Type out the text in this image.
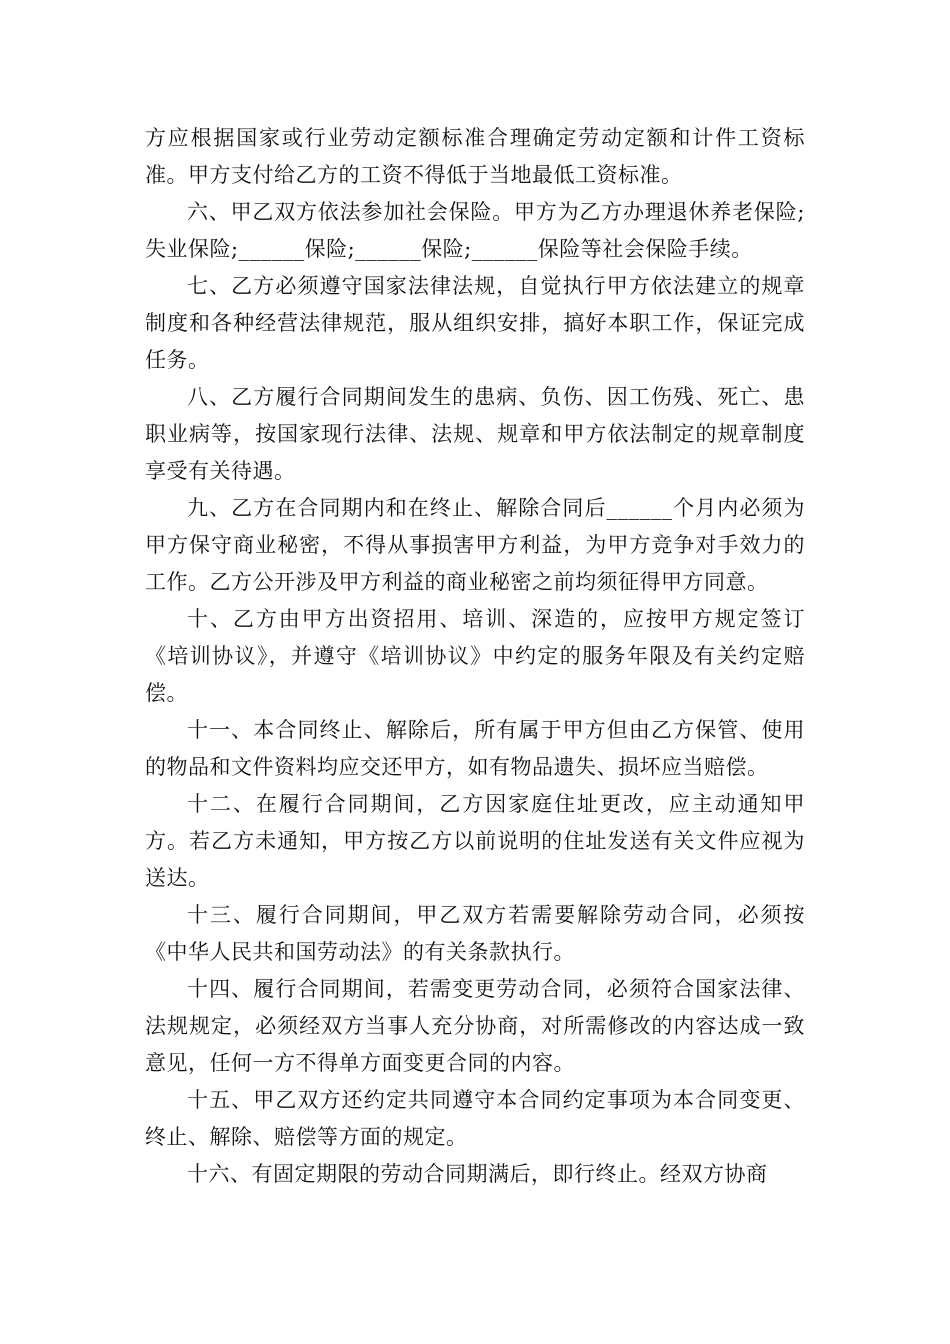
方应根据国家或行业劳动定额标准合理确定劳动定额和计件工资标准。甲方支付给乙方的工资不得低于当地最低工资标准。

六、甲乙双方依法参加社会保险。甲方为乙方办理退休养老保险;失业保险;______保险;______保险;______保险等社会保险手续。

七、乙方必须遵守国家法律法规，自觉执行甲方依法建立的规章制度和各种经营法律规范，服从组织安排，搞好本职工作，保证完成任务。

八、乙方履行合同期间发生的患病、负伤、因工伤残、死亡、患职业病等，按国家现行法律、法规、规章和甲方依法制定的规章制度享受有关待遇。

九、乙方在合同期内和在终止、解除合同后______个月内必须为甲方保守商业秘密，不得从事损害甲方利益，为甲方竞争对手效力的工作。乙方公开涉及甲方利益的商业秘密之前均须征得甲方同意。

十、乙方由甲方出资招用、培训、深造的，应按甲方规定签订《培训协议》，并遵守《培训协议》中约定的服务年限及有关约定赔偿。

十一、本合同终止、解除后，所有属于甲方但由乙方保管、使用的物品和文件资料均应交还甲方，如有物品遗失、损坏应当赔偿。

十二、在履行合同期间，乙方因家庭住址更改，应主动通知甲方。若乙方未通知，甲方按乙方以前说明的住址发送有关文件应视为送达。

十三、履行合同期间，甲乙双方若需要解除劳动合同，必须按《中华人民共和国劳动法》的有关条款执行。

十四、履行合同期间，若需变更劳动合同，必须符合国家法律、法规规定，必须经双方当事人充分协商，对所需修改的内容达成一致意见，任何一方不得单方面变更合同的内容。

十五、甲乙双方还约定共同遵守本合同约定事项为本合同变更、终止、解除、赔偿等方面的规定。

十六、有固定期限的劳动合同期满后，即行终止。经双方协商
